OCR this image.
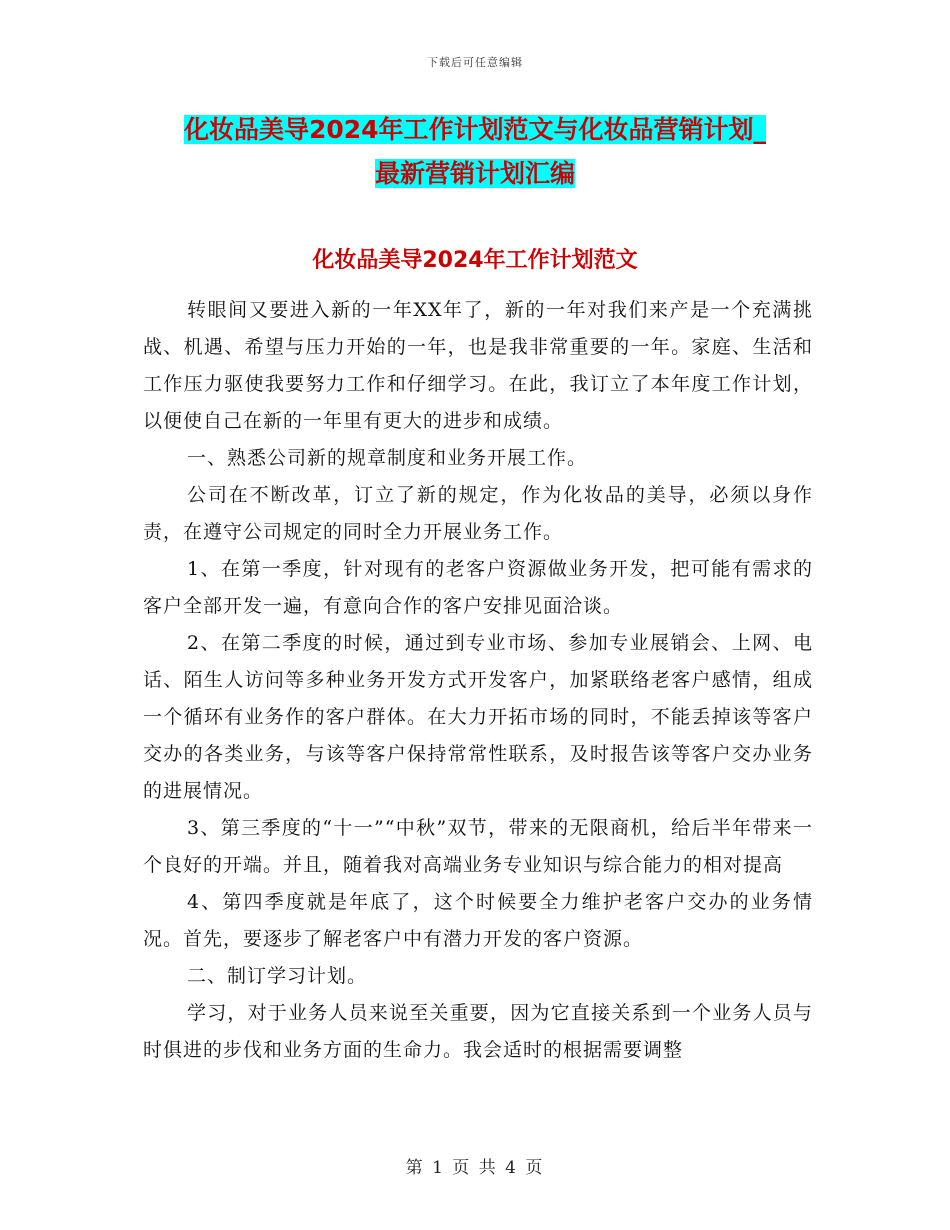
下载后可任意编辑
化妆品美导2024年工作计划范文与化妆品营销计划_
最新营销计划汇编
化妆品美导2024年工作计划范文

转眼间又要进入新的一年XX年了，新的一年对我们来产是一个充满挑战、机遇、希望与压力开始的一年，也是我非常重要的一年。家庭、生活和工作压力驱使我要努力工作和仔细学习。在此，我订立了本年度工作计划，以便使自己在新的一年里有更大的进步和成绩。

一、熟悉公司新的规章制度和业务开展工作。

公司在不断改革，订立了新的规定，作为化妆品的美导，必须以身作责，在遵守公司规定的同时全力开展业务工作。

1、在第一季度，针对现有的老客户资源做业务开发，把可能有需求的客户全部开发一遍，有意向合作的客户安排见面洽谈。

2、在第二季度的时候，通过到专业市场、参加专业展销会、上网、电话、陌生人访问等多种业务开发方式开发客户，加紧联络老客户感情，组成一个循环有业务作的客户群体。在大力开拓市场的同时，不能丢掉该等客户交办的各类业务，与该等客户保持常常性联系，及时报告该等客户交办业务的进展情况。

3、第三季度的“十一”“中秋”双节，带来的无限商机，给后半年带来一个良好的开端。并且，随着我对高端业务专业知识与综合能力的相对提高

4、第四季度就是年底了，这个时候要全力维护老客户交办的业务情况。首先，要逐步了解老客户中有潜力开发的客户资源。

二、制订学习计划。

学习，对于业务人员来说至关重要，因为它直接关系到一个业务人员与时俱进的步伐和业务方面的生命力。我会适时的根据需要调整

第 1 页 共 4 页
